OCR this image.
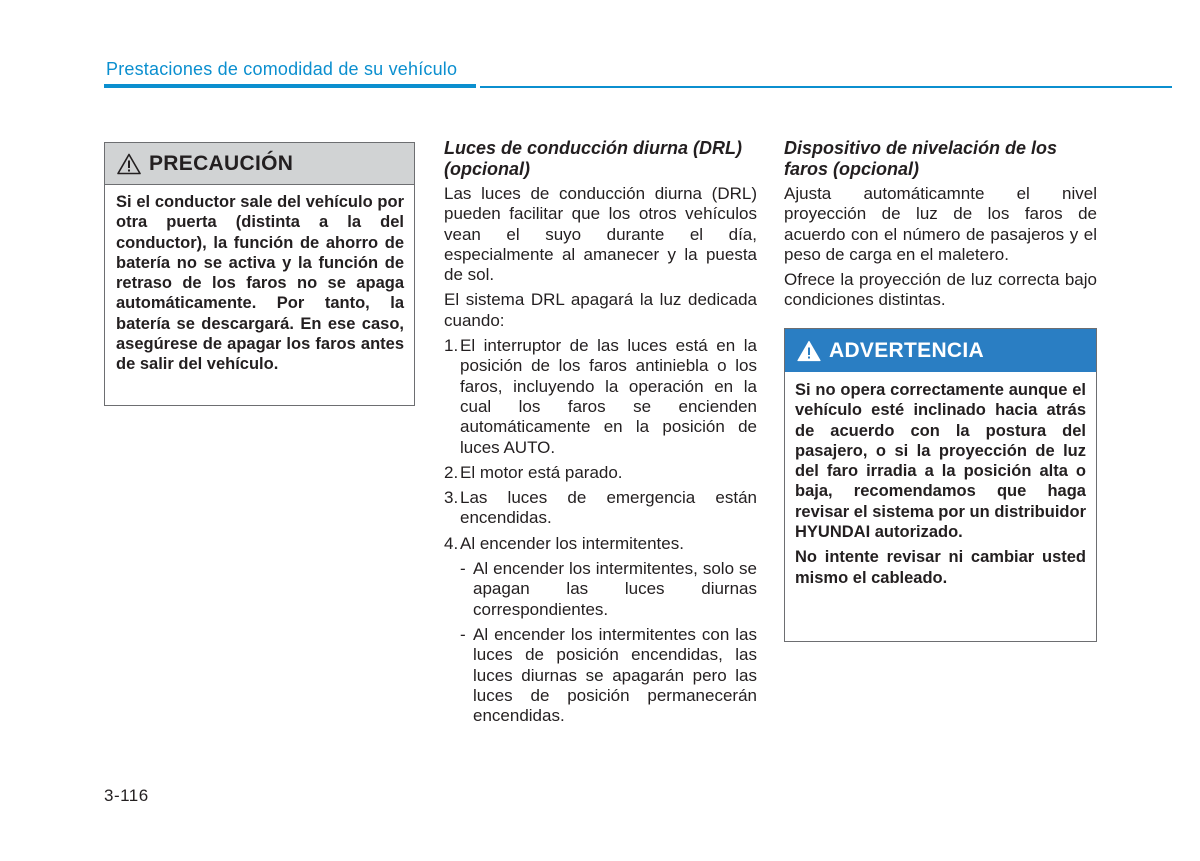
Prestaciones de comodidad de su vehículo
PRECAUCIÓN
Si el conductor sale del vehículo por otra puerta (distinta a la del conductor), la función de ahorro de batería no se activa y la función de retraso de los faros no se apaga automáticamente. Por tanto, la batería se descargará. En ese caso, asegúrese de apagar los faros antes de salir del vehículo.
Luces de conducción diurna (DRL) (opcional)

Las luces de conducción diurna (DRL) pueden facilitar que los otros vehículos vean el suyo durante el día, especialmente al amanecer y la puesta de sol.

El sistema DRL apagará la luz dedicada cuando:

1. El interruptor de las luces está en la posición de los faros antiniebla o los faros, incluyendo la operación en la cual los faros se encienden automáticamente en la posición de luces AUTO.
2. El motor está parado.
3. Las luces de emergencia están encendidas.
4. Al encender los intermitentes.
- Al encender los intermitentes, solo se apagan las luces diurnas correspondientes.
- Al encender los intermitentes con las luces de posición encendidas, las luces diurnas se apagarán pero las luces de posición permanecerán encendidas.
Dispositivo de nivelación de los faros (opcional)

Ajusta automáticamnte el nivel proyección de luz de los faros de acuerdo con el número de pasajeros y el peso de carga en el maletero.

Ofrece la proyección de luz correcta bajo condiciones distintas.

ADVERTENCIA

Si no opera correctamente aunque el vehículo esté inclinado hacia atrás de acuerdo con la postura del pasajero, o si la proyección de luz del faro irradia a la posición alta o baja, recomendamos que haga revisar el sistema por un distribuidor HYUNDAI autorizado.

No intente revisar ni cambiar usted mismo el cableado.

3-116
